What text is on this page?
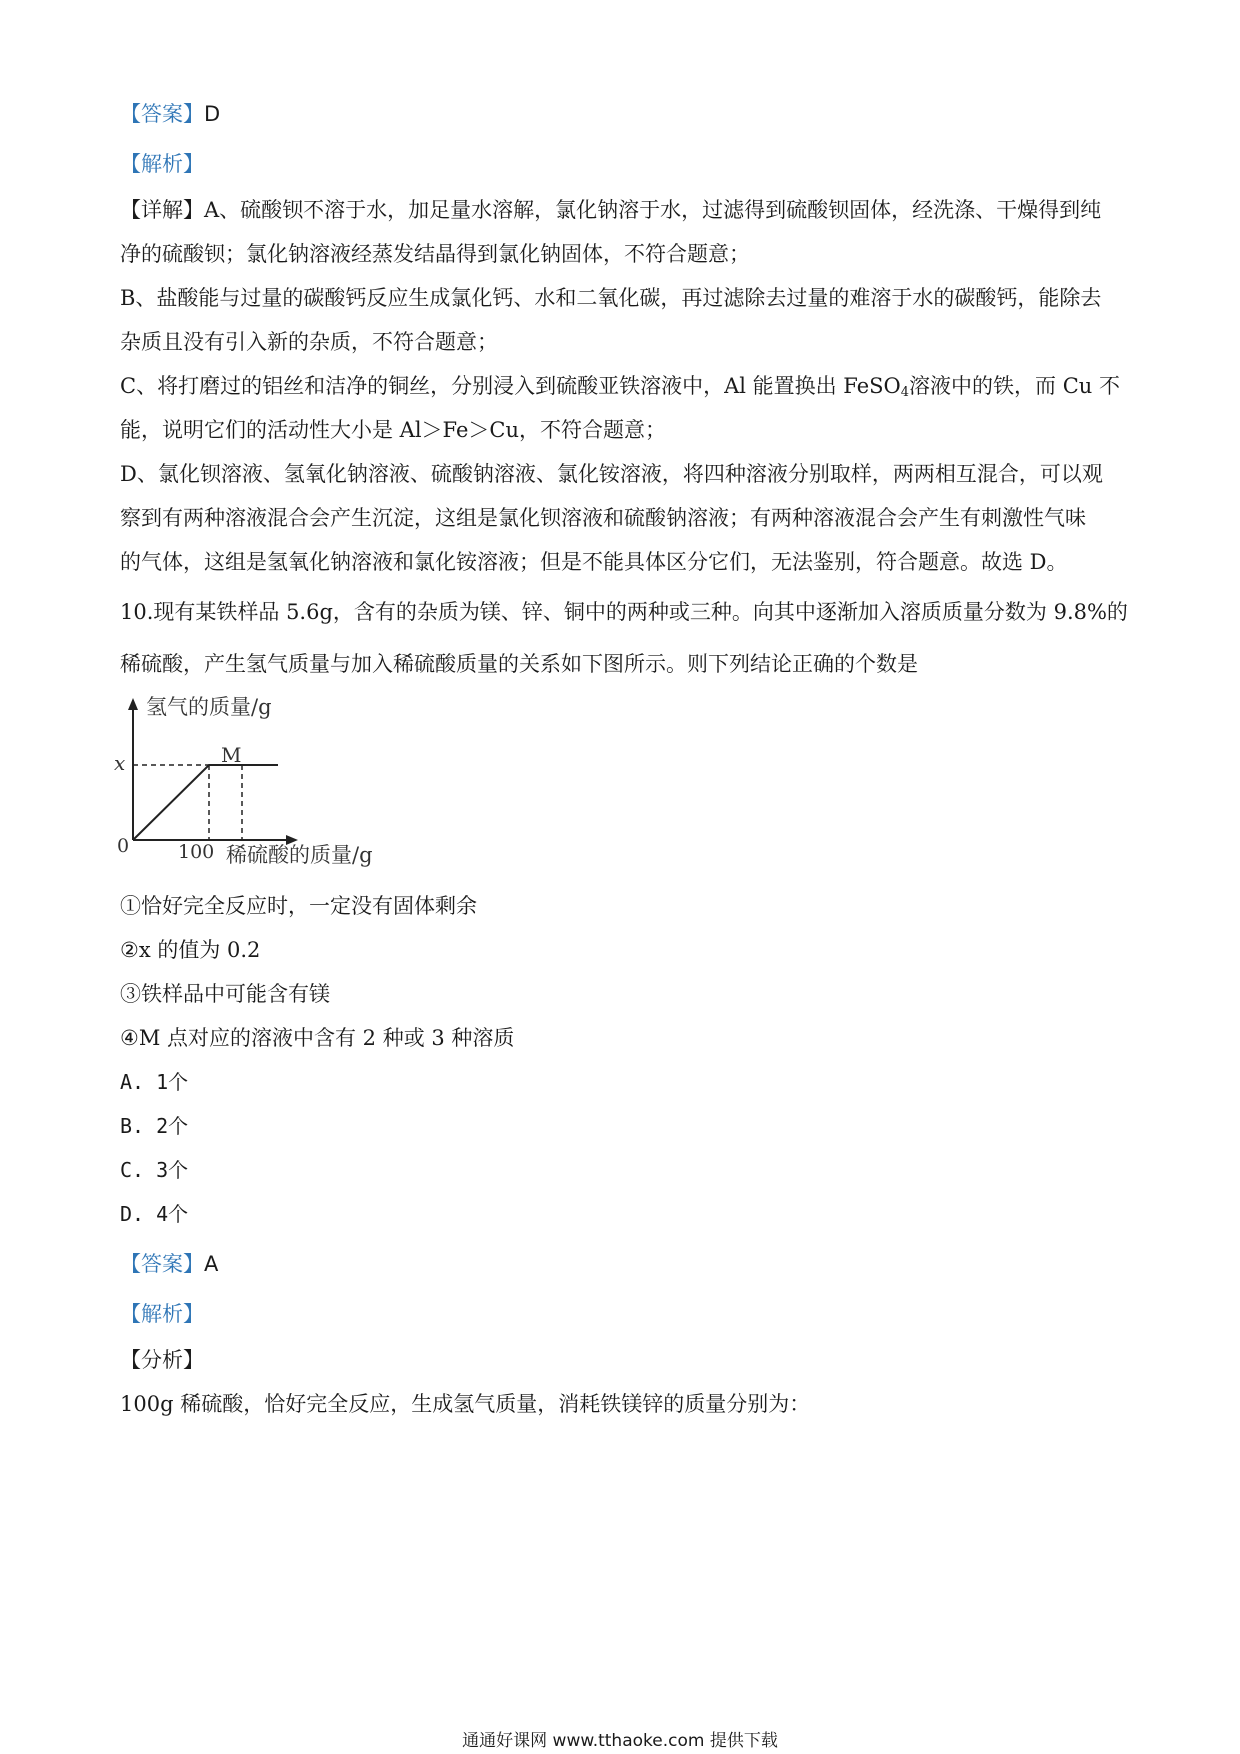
【答案】D
【解析】
【详解】A、硫酸钡不溶于水，加足量水溶解，氯化钠溶于水，过滤得到硫酸钡固体，经洗涤、干燥得到纯
净的硫酸钡；氯化钠溶液经蒸发结晶得到氯化钠固体，不符合题意；
B、盐酸能与过量的碳酸钙反应生成氯化钙、水和二氧化碳，再过滤除去过量的难溶于水的碳酸钙，能除去
杂质且没有引入新的杂质，不符合题意；
C、将打磨过的铝丝和洁净的铜丝，分别浸入到硫酸亚铁溶液中，Al 能置换出 FeSO$_4$溶液中的铁，而 Cu 不
能，说明它们的活动性大小是 Al＞Fe＞Cu，不符合题意；
D、氯化钡溶液、氢氧化钠溶液、硫酸钠溶液、氯化铵溶液，将四种溶液分别取样，两两相互混合，可以观
察到有两种溶液混合会产生沉淀，这组是氯化钡溶液和硫酸钠溶液；有两种溶液混合会产生有刺激性气味
的气体，这组是氢氧化钠溶液和氯化铵溶液；但是不能具体区分它们，无法鉴别，符合题意。故选 D。
10.现有某铁样品 5.6g，含有的杂质为镁、锌、铜中的两种或三种。向其中逐渐加入溶质质量分数为 9.8%的
稀硫酸，产生氢气质量与加入稀硫酸质量的关系如下图所示。则下列结论正确的个数是
氢气的质量/g
稀硫酸的质量/g
0	100
x	M
①恰好完全反应时，一定没有固体剩余
②x 的值为 0.2
③铁样品中可能含有镁
④M 点对应的溶液中含有 2 种或 3 种溶质
A. 1个
B. 2个
C. 3个
D. 4个
【答案】A
【解析】
【分析】
100g 稀硫酸，恰好完全反应，生成氢气质量，消耗铁镁锌的质量分别为：
通通好课网 www.tthaoke.com 提供下载
